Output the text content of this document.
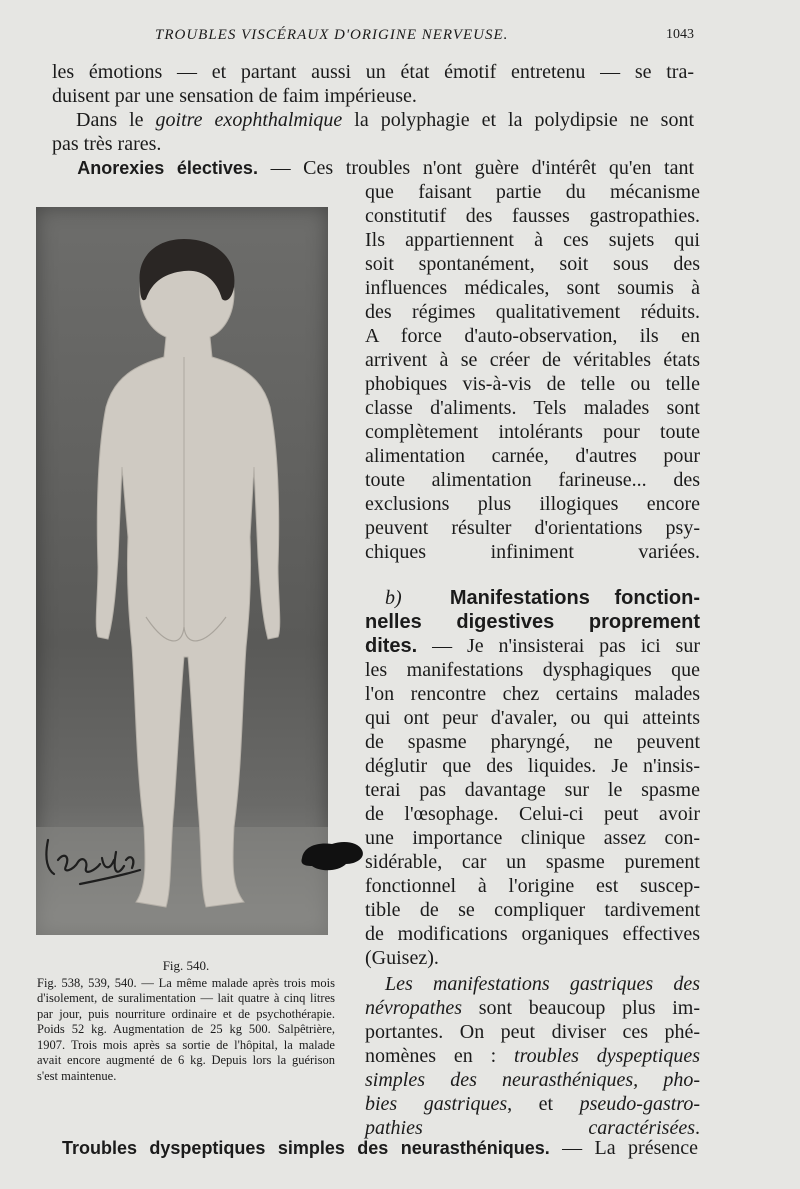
TROUBLES VISCÉRAUX D'ORIGINE NERVEUSE.	1043
les émotions — et partant aussi un état émotif entretenu — se tra-
duisent par une sensation de faim impérieuse.
Dans le goitre exophthalmique la polyphagie et la polydipsie ne sont
pas très rares.
Anorexies électives. — Ces troubles n'ont guère d'intérêt qu'en tant
que faisant partie du mécanisme
constitutif des fausses gastropathies.
Ils appartiennent à ces sujets qui
soit spontanément, soit sous des
influences médicales, sont soumis à
des régimes qualitativement réduits.
A force d'auto-observation, ils en
arrivent à se créer de véritables états
phobiques vis-à-vis de telle ou telle
classe d'aliments. Tels malades sont
complètement intolérants pour toute
alimentation carnée, d'autres pour
toute alimentation farineuse... des
exclusions plus illogiques encore
peuvent résulter d'orientations psy-
chiques infiniment variées.
b) Manifestations fonction-
nelles digestives proprement
dites. — Je n'insisterai pas ici sur
les manifestations dysphagiques que
l'on rencontre chez certains malades
qui ont peur d'avaler, ou qui atteints
de spasme pharyngé, ne peuvent
déglutir que des liquides. Je n'insis-
terai pas davantage sur le spasme
de l'œsophage. Celui-ci peut avoir
une importance clinique assez con-
sidérable, car un spasme purement
fonctionnel à l'origine est suscep-
tible de se compliquer tardivement
de modifications organiques effectives
(Guisez).
Les manifestations gastriques des
névropathes sont beaucoup plus im-
portantes. On peut diviser ces phé-
nomènes en : troubles dyspeptiques
simples des neurasthéniques, pho-
bies gastriques, et pseudo-gastro-
pathies caractérisées.
Fig. 540.
Fig. 538, 539, 540. — La même malade après trois mois d'isolement, de suralimentation — lait quatre à cinq litres par jour, puis nourriture ordinaire et de psychothérapie. Poids 52 kg. Augmentation de 25 kg 500. Salpêtrière, 1907. Trois mois après sa sortie de l'hôpital, la malade avait encore augmenté de 6 kg. Depuis lors la guérison s'est maintenue.
Troubles dyspeptiques simples des neurasthéniques. — La présence
